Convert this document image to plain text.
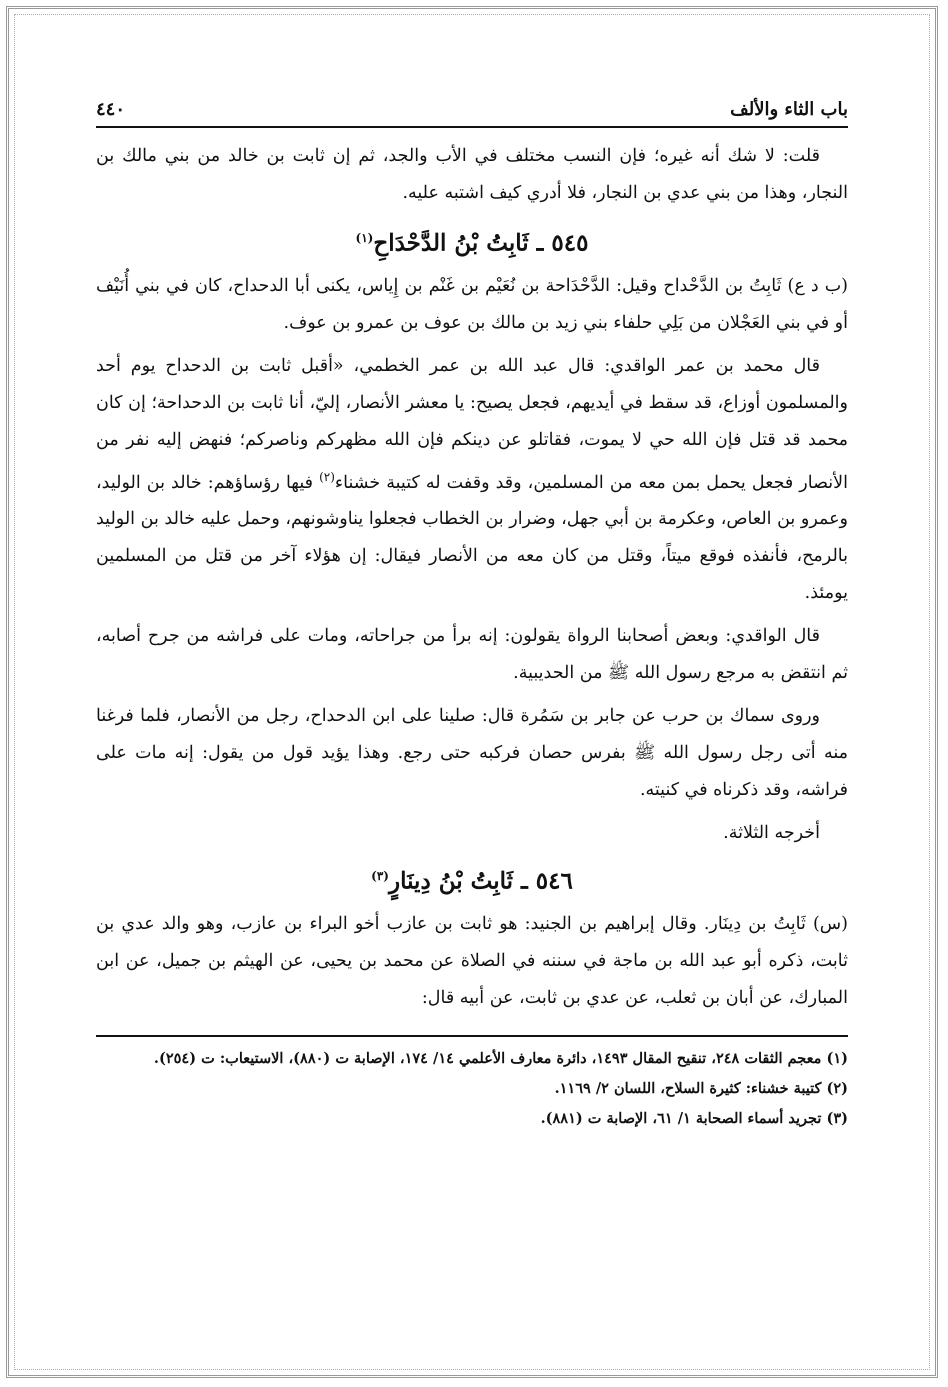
باب الثاء والألف
٤٤٠

قلت: لا شك أنه غيره؛ فإن النسب مختلف في الأب والجد، ثم إن ثابت بن خالد من بني مالك بن النجار، وهذا من بني عدي بن النجار، فلا أدري كيف اشتبه عليه.

٥٤٥ ـ ثَابِتُ بْنُ الدَّحْدَاحِ$^{(١)}$

(ب د ع) ثَابِتُ بن الدَّحْداح وقيل: الدَّحْدَاحة بن نُعَيْم بن غَنْم بن إِياس، يكنى أبا الدحداح، كان في بني أُنَيْف أو في بني العَجْلان من بَلِي حلفاء بني زيد بن مالك بن عوف بن عمرو بن عوف.

قال محمد بن عمر الواقدي: قال عبد الله بن عمر الخطمي، «أقبل ثابت بن الدحداح يوم أحد والمسلمون أوزاع، قد سقط في أيديهم، فجعل يصيح: يا معشر الأنصار، إليّ، أنا ثابت بن الدحداحة؛ إن كان محمد قد قتل فإن الله حي لا يموت، فقاتلو عن دينكم فإن الله مظهركم وناصركم؛ فنهض إليه نفر من الأنصار فجعل يحمل بمن معه من المسلمين، وقد وقفت له كتيبة خشناء$^{(٢)}$ فيها رؤساؤهم: خالد بن الوليد، وعمرو بن العاص، وعكرمة بن أبي جهل، وضرار بن الخطاب فجعلوا يناوشونهم، وحمل عليه خالد بن الوليد بالرمح، فأنفذه فوقع ميتاً، وقتل من كان معه من الأنصار فيقال: إن هؤلاء آخر من قتل من المسلمين يومئذ.

قال الواقدي: وبعض أصحابنا الرواة يقولون: إنه برأ من جراحاته، ومات على فراشه من جرح أصابه، ثم انتقض به مرجع رسول الله ﷺ من الحديبية.

وروى سماك بن حرب عن جابر بن سَمُرة قال: صلينا على ابن الدحداح، رجل من الأنصار، فلما فرغنا منه أتى رجل رسول الله ﷺ بفرس حصان فركبه حتى رجع. وهذا يؤيد قول من يقول: إنه مات على فراشه، وقد ذكرناه في كنيته.

أخرجه الثلاثة.

٥٤٦ ـ ثَابِتُ بْنُ دِينَارٍ$^{(٣)}$

(س) ثَابِتُ بن دِينَار. وقال إبراهيم بن الجنيد: هو ثابت بن عازب أخو البراء بن عازب، وهو والد عدي بن ثابت، ذكره أبو عبد الله بن ماجة في سننه في الصلاة عن محمد بن يحيى، عن الهيثم بن جميل، عن ابن المبارك، عن أبان بن ثعلب، عن عدي بن ثابت، عن أبيه قال:

(١) معجم الثقات ٢٤٨، تنقيح المقال ١٤٩٣، دائرة معارف الأعلمي ١٤/ ١٧٤، الإصابة ت (٨٨٠)، الاستيعاب: ت (٢٥٤).
(٢) كتيبة خشناء: كثيرة السلاح، اللسان ٢/ ١١٦٩.
(٣) تجريد أسماء الصحابة ١/ ٦١، الإصابة ت (٨٨١).
